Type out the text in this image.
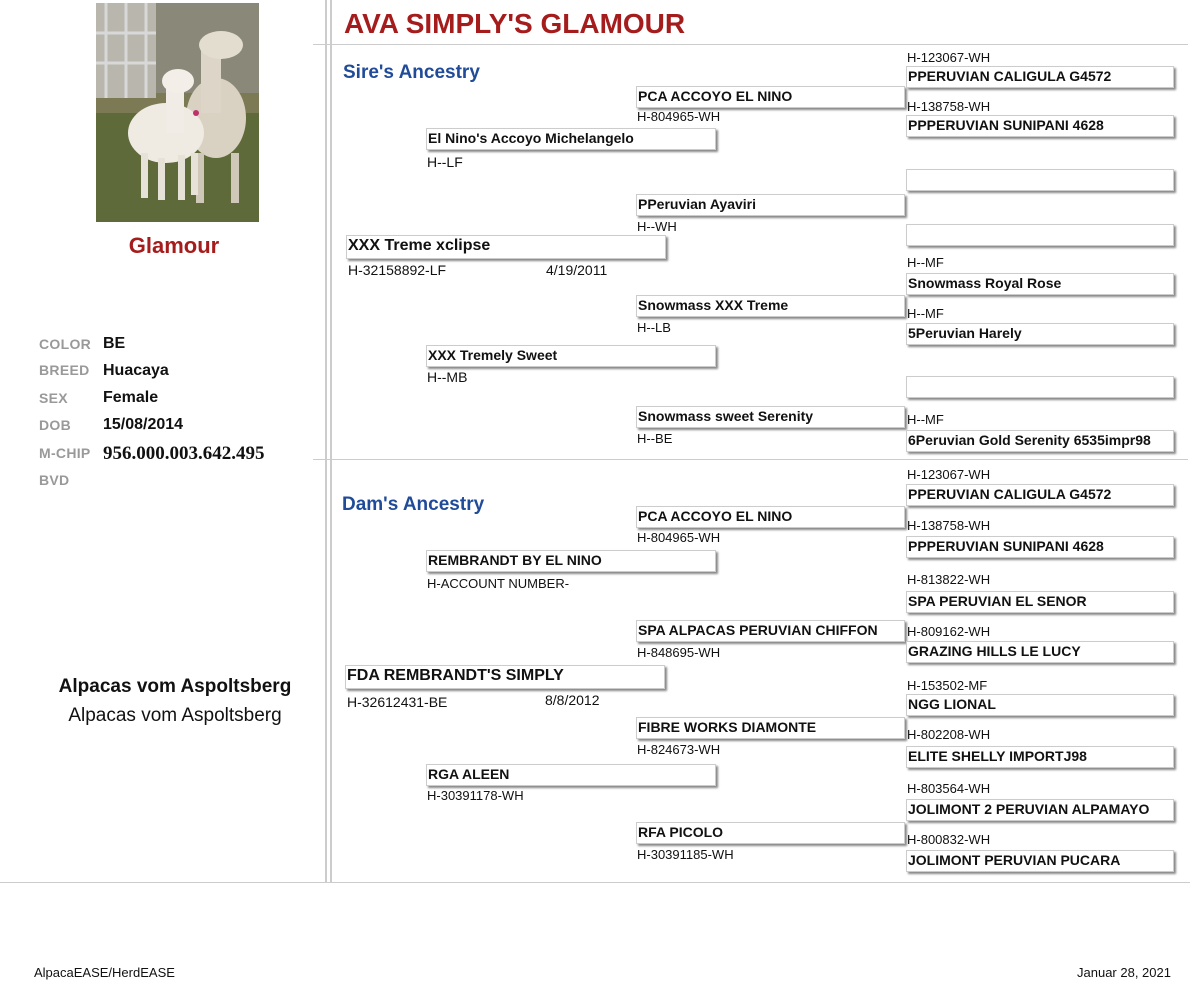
Glamour
COLOR BE
BREED Huacaya
SEX Female
DOB 15/08/2014
M-CHIP 956.000.003.642.495
BVD
Alpacas vom Aspoltsberg
Alpacas vom Aspoltsberg
AlpacaEASE/HerdEASE	Januar 28, 2021
AVA SIMPLY'S GLAMOUR
Sire's Ancestry
XXX Treme xclipse
H-32158892-LF	4/19/2011
El Nino's Accoyo Michelangelo
H--LF
XXX Tremely Sweet
H--MB
PCA ACCOYO EL NINO
H-804965-WH
PPeruvian Ayaviri
H--WH
Snowmass XXX Treme
H--LB
Snowmass sweet Serenity
H--BE
H-123067-WH
PPERUVIAN CALIGULA G4572
H-138758-WH
PPPERUVIAN SUNIPANI 4628
H--MF
Snowmass Royal Rose
H--MF
5Peruvian Harely
H--MF
6Peruvian Gold Serenity 6535impr98
Dam's Ancestry
FDA REMBRANDT'S SIMPLY
H-32612431-BE	8/8/2012
REMBRANDT BY EL NINO
H-ACCOUNT NUMBER-
RGA ALEEN
H-30391178-WH
PCA ACCOYO EL NINO
H-804965-WH
SPA ALPACAS PERUVIAN CHIFFON
H-848695-WH
FIBRE WORKS DIAMONTE
H-824673-WH
RFA PICOLO
H-30391185-WH
H-123067-WH
PPERUVIAN CALIGULA G4572
H-138758-WH
PPPERUVIAN SUNIPANI 4628
H-813822-WH
SPA PERUVIAN EL SENOR
H-809162-WH
GRAZING HILLS LE LUCY
H-153502-MF
NGG LIONAL
H-802208-WH
ELITE SHELLY IMPORTJ98
H-803564-WH
JOLIMONT 2 PERUVIAN ALPAMAYO
H-800832-WH
JOLIMONT PERUVIAN PUCARA
